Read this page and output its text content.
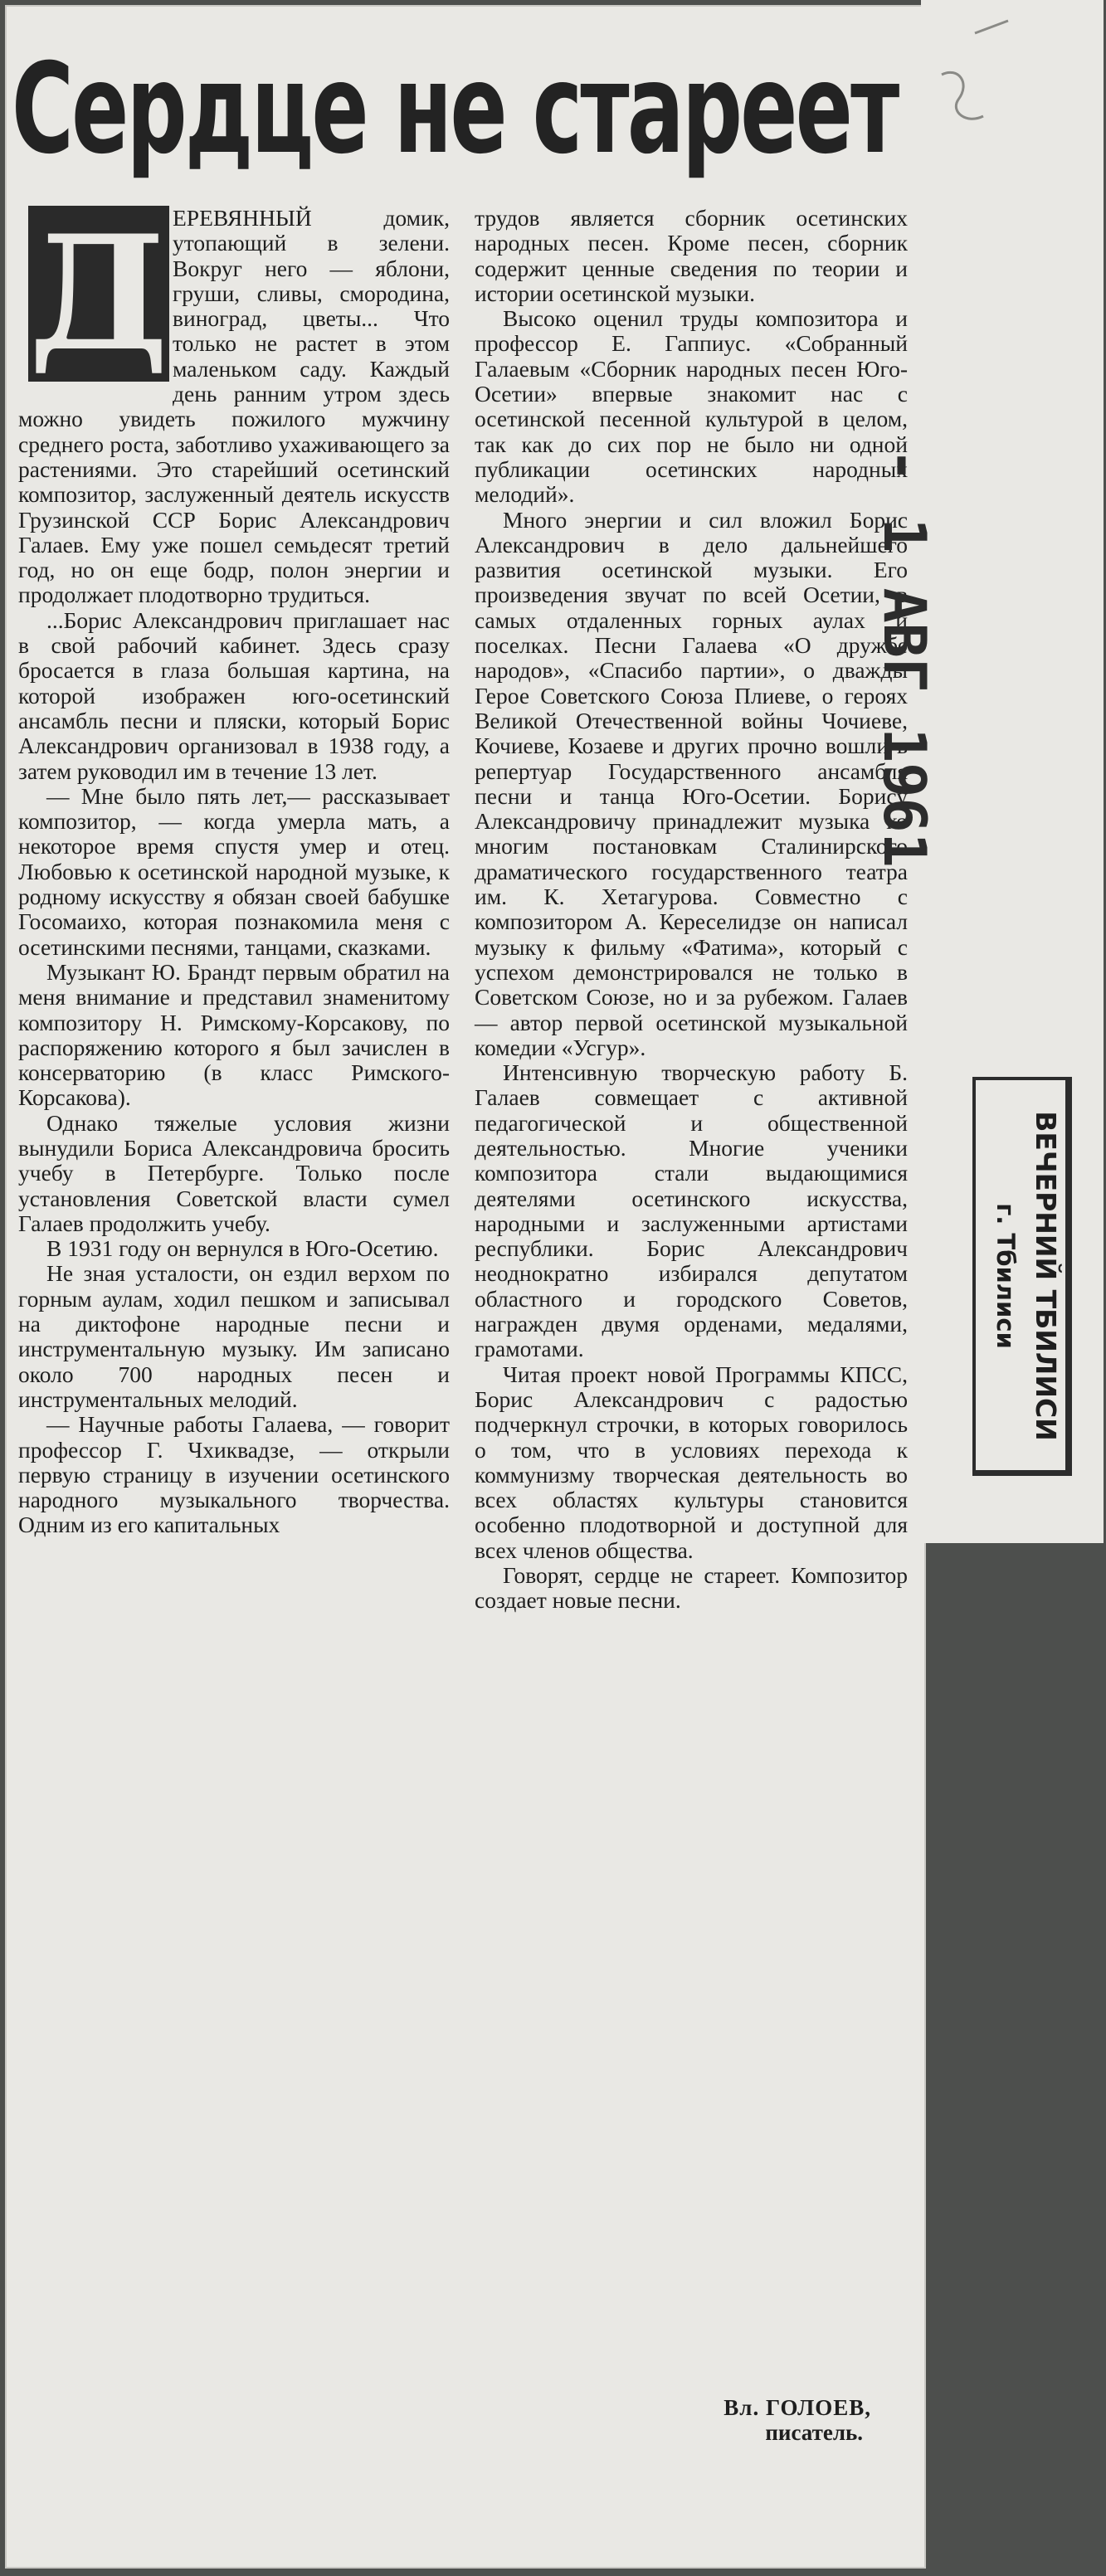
Сердце не стареет
Д ЕРЕВЯННЫЙ домик, утопающий в зелени. Вокруг него — яблони, груши, сливы, смородина, виноград, цветы... Что только не растет в этом маленьком саду. Каждый день ранним утром здесь можно увидеть пожилого мужчину среднего роста, заботливо ухаживающего за растениями. Это старейший осетинский композитор, заслуженный деятель искусств Грузинской ССР Борис Александрович Галаев. Ему уже пошел семьдесят третий год, но он еще бодр, полон энергии и продолжает плодотворно трудиться.

...Борис Александрович приглашает нас в свой рабочий кабинет. Здесь сразу бросается в глаза большая картина, на которой изображен юго-осетинский ансамбль песни и пляски, который Борис Александрович организовал в 1938 году, а затем руководил им в течение 13 лет.

— Мне было пять лет,— рассказывает композитор, — когда умерла мать, а некоторое время спустя умер и отец. Любовью к осетинской народной музыке, к родному искусству я обязан своей бабушке Госомаихо, которая познакомила меня с осетинскими песнями, танцами, сказками.

Музыкант Ю. Брандт первым обратил на меня внимание и представил знаменитому композитору Н. Римскому-Корсакову, по распоряжению которого я был зачислен в консерваторию (в класс Римского-Корсакова).

Однако тяжелые условия жизни вынудили Бориса Александровича бросить учебу в Петербурге. Только после установления Советской власти сумел Галаев продолжить учебу.

В 1931 году он вернулся в Юго-Осетию.

Не зная усталости, он ездил верхом по горным аулам, ходил пешком и записывал на диктофоне народные песни и инструментальную музыку. Им записано около 700 народных песен и инструментальных мелодий.

— Научные работы Галаева, — говорит профессор Г. Чхиквадзе, — открыли первую страницу в изучении осетинского народного музыкального творчества. Одним из его капитальных

трудов является сборник осетинских народных песен. Кроме песен, сборник содержит ценные сведения по теории и истории осетинской музыки.

Высоко оценил труды композитора и профессор Е. Гаппиус. «Собранный Галаевым «Сборник народных песен Юго-Осетии» впервые знакомит нас с осетинской песенной культурой в целом, так как до сих пор не было ни одной публикации осетинских народных мелодий».

Много энергии и сил вложил Борис Александрович в дело дальнейшего развития осетинской музыки. Его произведения звучат по всей Осетии, в самых отдаленных горных аулах и поселках. Песни Галаева «О дружбе народов», «Спасибо партии», о дважды Герое Советского Союза Плиеве, о героях Великой Отечественной войны Чочиеве, Кочиеве, Козаеве и других прочно вошли в репертуар Государственного ансамбля песни и танца Юго-Осетии. Борису Александровичу принадлежит музыка ко многим постановкам Сталинирского драматического государственного театра им. К. Хетагурова. Совместно с композитором А. Кереселидзе он написал музыку к фильму «Фатима», который с успехом демонстрировался не только в Советском Союзе, но и за рубежом. Галаев — автор первой осетинской музыкальной комедии «Усгур».

Интенсивную творческую работу Б. Галаев совмещает с активной педагогической и общественной деятельностью. Многие ученики композитора стали выдающимися деятелями осетинского искусства, народными и заслуженными артистами республики. Борис Александрович неоднократно избирался депутатом областного и городского Советов, награжден двумя орденами, медалями, грамотами.

Читая проект новой Программы КПСС, Борис Александрович с радостью подчеркнул строчки, в которых говорилось о том, что в условиях перехода к коммунизму творческая деятельность во всех областях культуры становится особенно плодотворной и доступной для всех членов общества.

Говорят, сердце не стареет. Композитор создает новые песни.

Вл. ГОЛОЕВ,
писатель.
- 1 АВГ 1961
ВЕЧЕРНИЙ ТБИЛИСИ
г. Тбилиси
